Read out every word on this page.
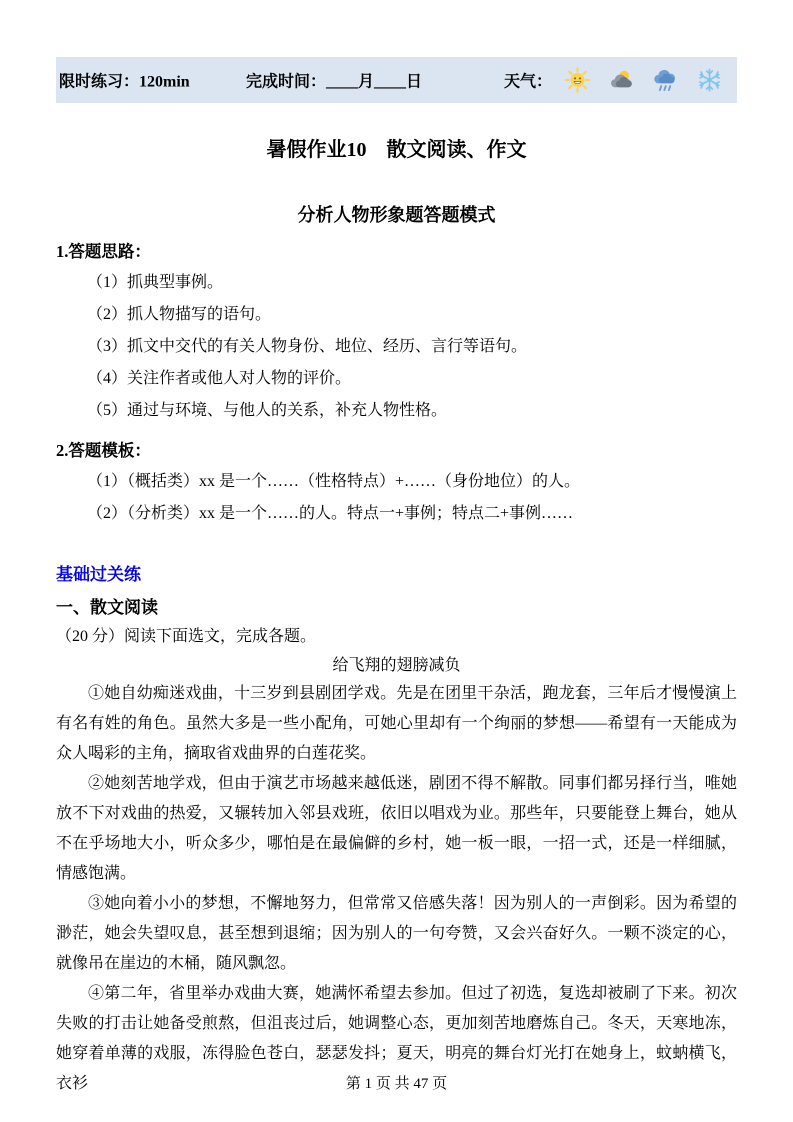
限时练习：120min	完成时间：____月____日	天气：
暑假作业10　散文阅读、作文
分析人物形象题答题模式
1.答题思路：
（1）抓典型事例。
（2）抓人物描写的语句。
（3）抓文中交代的有关人物身份、地位、经历、言行等语句。
（4）关注作者或他人对人物的评价。
（5）通过与环境、与他人的关系，补充人物性格。
2.答题模板：
（1）（概括类）xx 是一个……（性格特点）+……（身份地位）的人。
（2）（分析类）xx 是一个……的人。特点一+事例；特点二+事例……
基础过关练
一、散文阅读
（20 分）阅读下面选文，完成各题。
给飞翔的翅膀减负

①她自幼痴迷戏曲，十三岁到县剧团学戏。先是在团里干杂活，跑龙套，三年后才慢慢演上有名有姓的角色。虽然大多是一些小配角，可她心里却有一个绚丽的梦想——希望有一天能成为众人喝彩的主角，摘取省戏曲界的白莲花奖。

②她刻苦地学戏，但由于演艺市场越来越低迷，剧团不得不解散。同事们都另择行当，唯她放不下对戏曲的热爱，又辗转加入邻县戏班，依旧以唱戏为业。那些年，只要能登上舞台，她从不在乎场地大小，听众多少，哪怕是在最偏僻的乡村，她一板一眼，一招一式，还是一样细腻，情感饱满。

③她向着小小的梦想，不懈地努力，但常常又倍感失落！因为别人的一声倒彩。因为希望的渺茫，她会失望叹息，甚至想到退缩；因为别人的一句夸赞，又会兴奋好久。一颗不淡定的心，就像吊在崖边的木桶，随风飘忽。

④第二年，省里举办戏曲大赛，她满怀希望去参加。但过了初选，复选却被刷了下来。初次失败的打击让她备受煎熬，但沮丧过后，她调整心态，更加刻苦地磨炼自己。冬天，天寒地冻，她穿着单薄的戏服，冻得脸色苍白，瑟瑟发抖；夏天，明亮的舞台灯光打在她身上，蚊蚋横飞，衣衫	第 1 页 共 47 页
